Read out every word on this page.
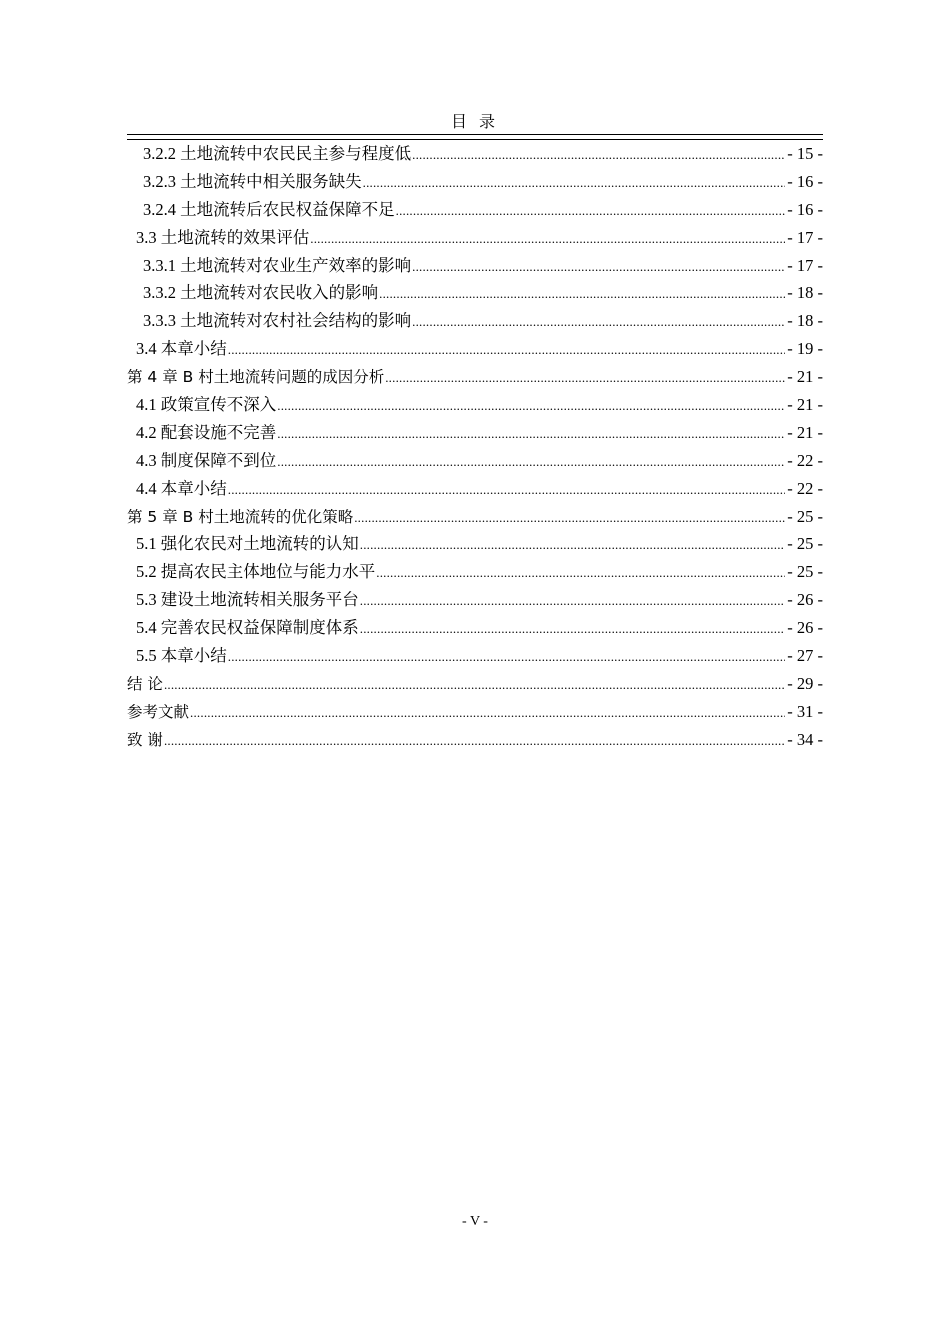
目 录
3.2.2 土地流转中农民民主参与程度低 .....	- 15 -
3.2.3 土地流转中相关服务缺失 .....	- 16 -
3.2.4 土地流转后农民权益保障不足 .....	- 16 -
3.3 土地流转的效果评估 .....	- 17 -
3.3.1 土地流转对农业生产效率的影响 .....	- 17 -
3.3.2 土地流转对农民收入的影响 .....	- 18 -
3.3.3 土地流转对农村社会结构的影响 .....	- 18 -
3.4 本章小结 .....	- 19 -
第 4 章 B 村土地流转问题的成因分析 .....	- 21 -
4.1 政策宣传不深入 .....	- 21 -
4.2 配套设施不完善 .....	- 21 -
4.3 制度保障不到位 .....	- 22 -
4.4 本章小结 .....	- 22 -
第 5 章 B 村土地流转的优化策略 .....	- 25 -
5.1 强化农民对土地流转的认知 .....	- 25 -
5.2 提高农民主体地位与能力水平 .....	- 25 -
5.3 建设土地流转相关服务平台 .....	- 26 -
5.4 完善农民权益保障制度体系 .....	- 26 -
5.5 本章小结 .....	- 27 -
结 论 .....	- 29 -
参考文献 .....	- 31 -
致 谢 .....	- 34 -
- V -
